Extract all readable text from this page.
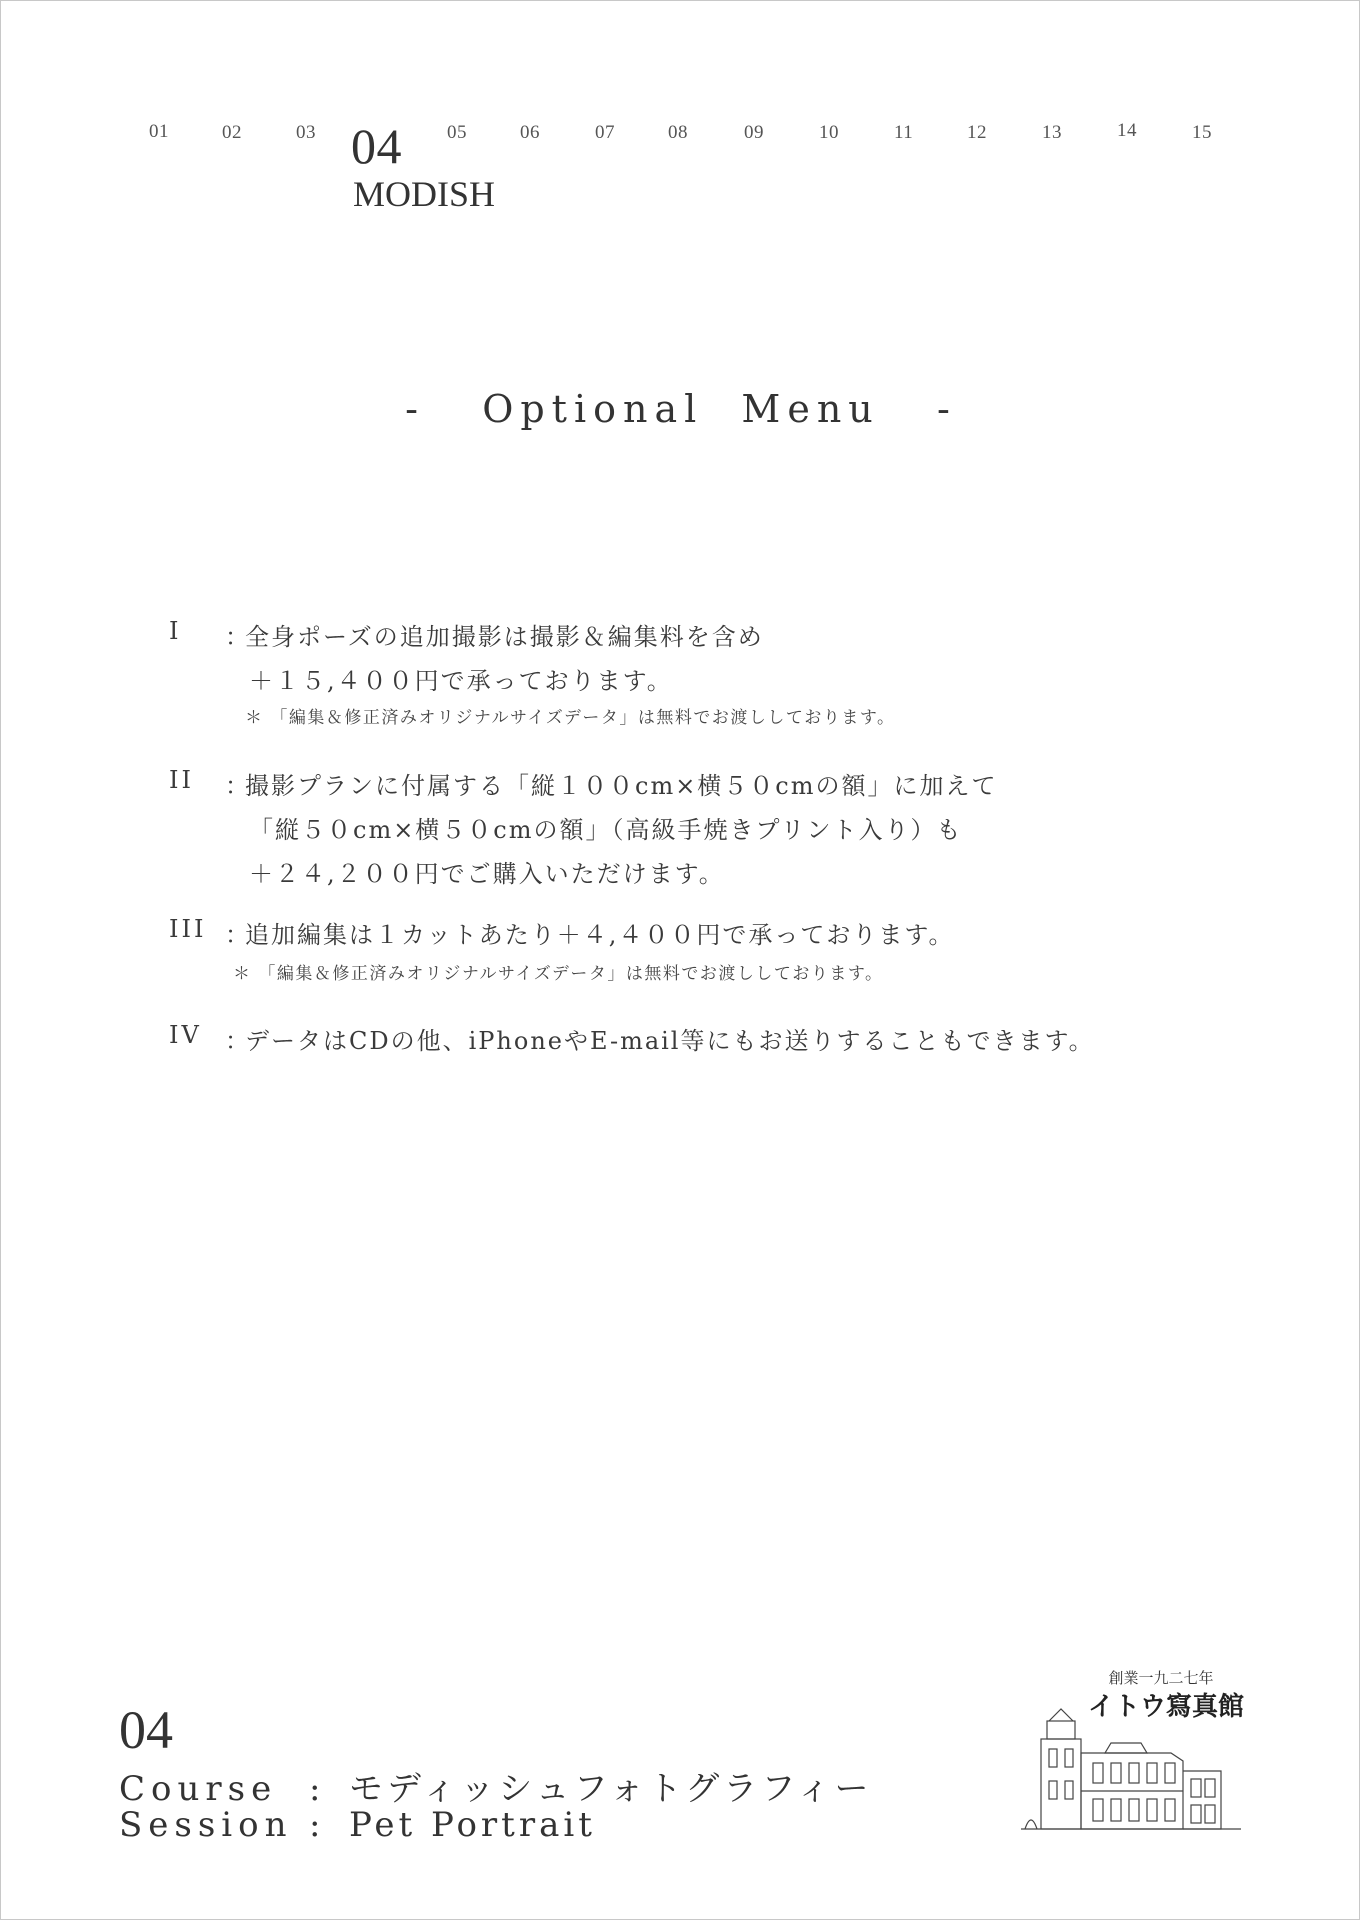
01	02	03 04 05	06	07	08	09	10	11	12	13	14	15
MODISH
-   Optional  Menu   -
I ：
全身ポーズの追加撮影は撮影＆編集料を含め
＋１５,４００円で承っております。
＊ 「編集＆修正済みオリジナルサイズデータ」は無料でお渡ししております。
II ：
撮影プランに付属する「縦１００cm×横５０cmの額」に加えて
「縦５０cm×横５０cmの額」（高級手焼きプリント入り）も
＋２４,２００円でご購入いただけます。
III ：
追加編集は１カットあたり＋４,４００円で承っております。
＊ 「編集＆修正済みオリジナルサイズデータ」は無料でお渡ししております。
IV ：
データはCDの他、iPhoneやE-mail等にもお送りすることもできます。
04
Course : モディッシュフォトグラフィー
Session : Pet Portrait
創業一九二七年
イトウ寫真館
